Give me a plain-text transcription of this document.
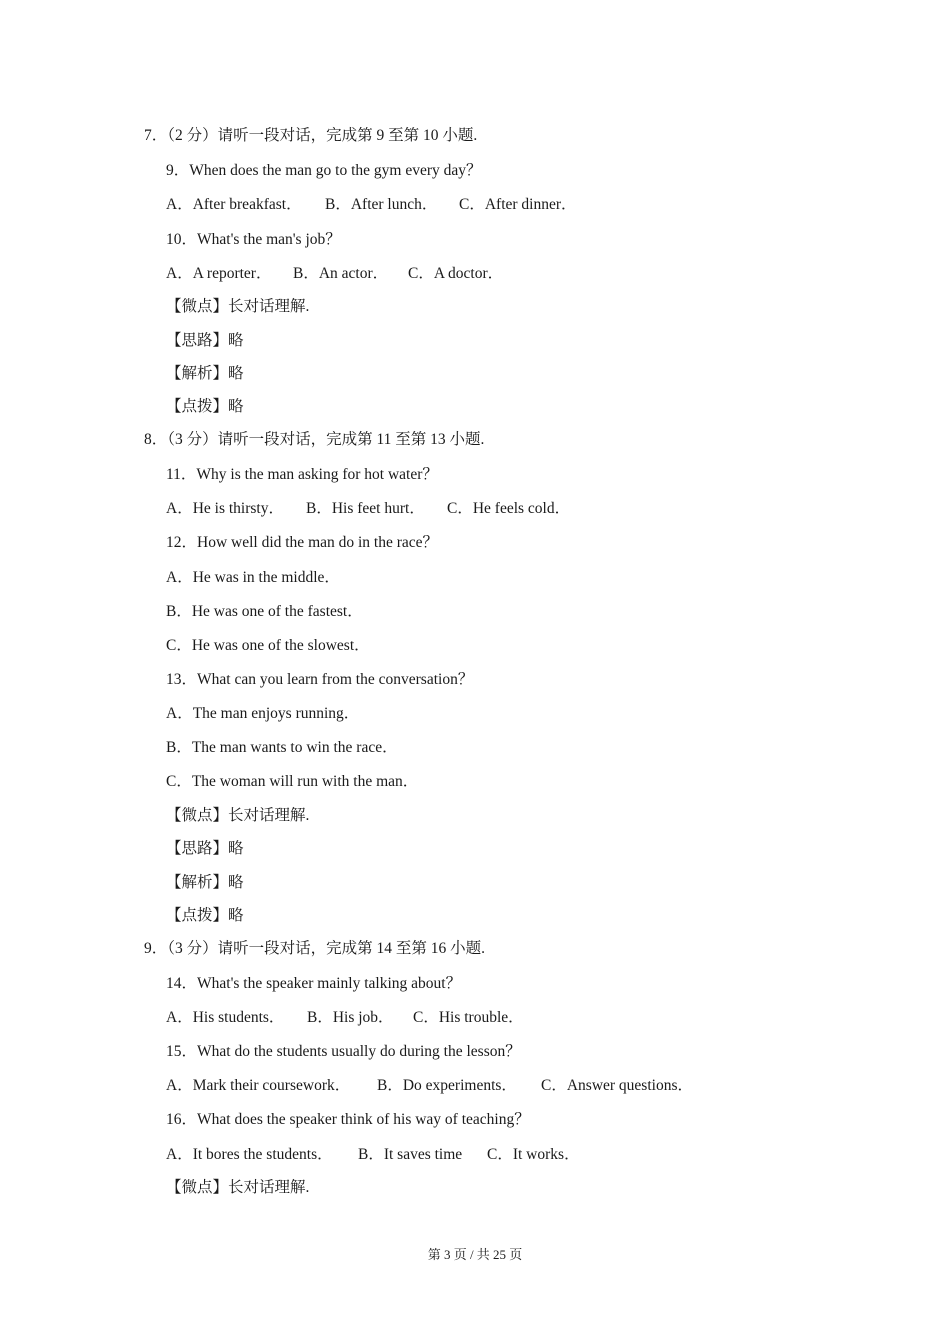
7．（2 分）请听一段对话，完成第 9 至第 10 小题.
9．When does the man go to the gym every day？
A．After breakfast． B．After lunch． C．After dinner．
10．What's the man's job？
A．A reporter． B．An actor． C．A doctor．
【微点】长对话理解.
【思路】略
【解析】略
【点拨】略
8．（3 分）请听一段对话，完成第 11 至第 13 小题.
11．Why is the man asking for hot water？
A．He is thirsty． B．His feet hurt． C．He feels cold．
12．How well did the man do in the race？
A．He was in the middle．
B．He was one of the fastest．
C．He was one of the slowest．
13．What can you learn from the conversation？
A．The man enjoys running．
B．The man wants to win the race．
C．The woman will run with the man．
【微点】长对话理解.
【思路】略
【解析】略
【点拨】略
9．（3 分）请听一段对话，完成第 14 至第 16 小题.
14．What's the speaker mainly talking about？
A．His students． B．His job． C．His trouble．
15．What do the students usually do during the lesson？
A．Mark their coursework． B．Do experiments． C．Answer questions．
16．What does the speaker think of his way of teaching？
A．It bores the students． B．It saves time C．It works．
【微点】长对话理解.
第 3 页 / 共 25 页
